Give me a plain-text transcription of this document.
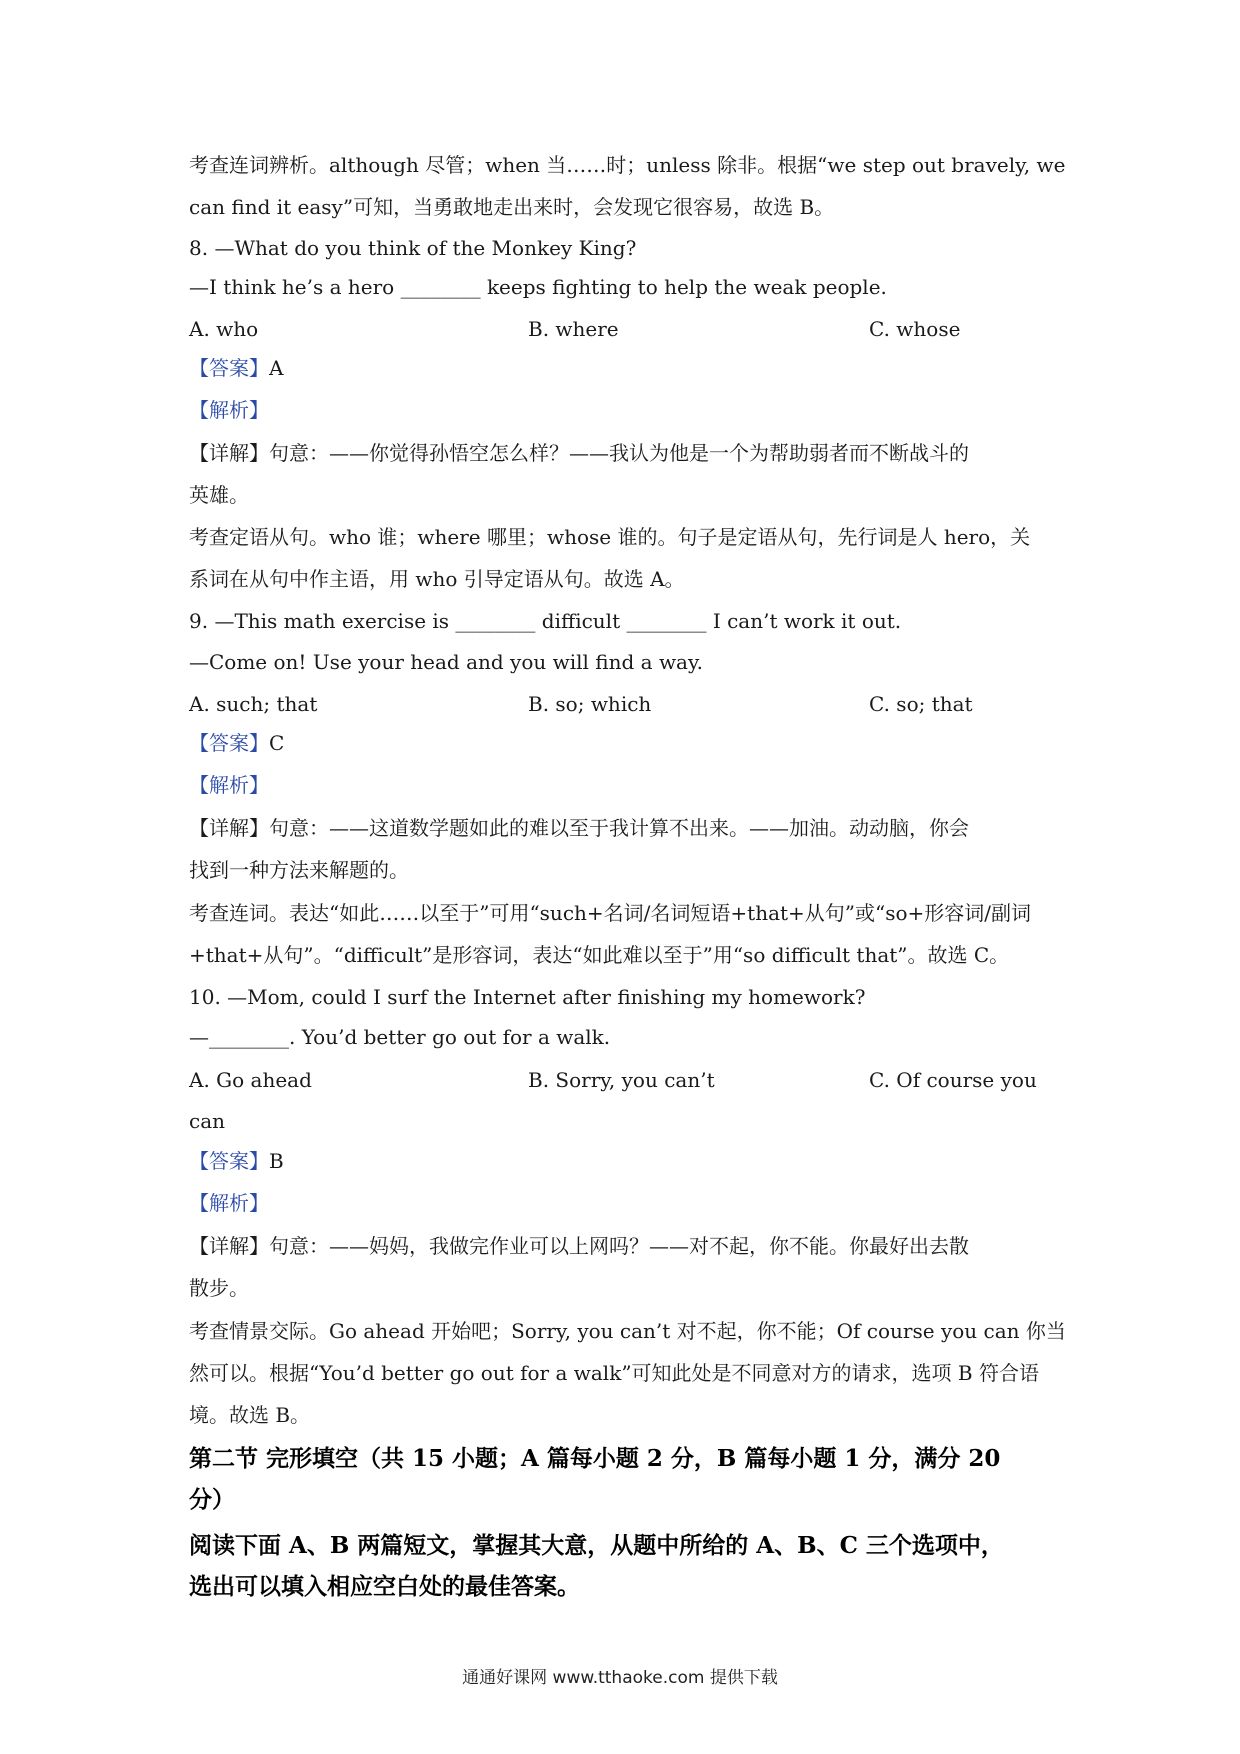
考查连词辨析。although 尽管；when 当……时；unless 除非。根据“we step out bravely, we
can find it easy”可知，当勇敢地走出来时，会发现它很容易，故选 B。
8. —What do you think of the Monkey King?
—I think he’s a hero ________ keeps fighting to help the weak people.
A. who	B. where	C. whose
【答案】A
【解析】
【详解】句意：——你觉得孙悟空怎么样？——我认为他是一个为帮助弱者而不断战斗的
英雄。
考查定语从句。who 谁；where 哪里；whose 谁的。句子是定语从句，先行词是人 hero，关
系词在从句中作主语，用 who 引导定语从句。故选 A。
9. —This math exercise is ________ difficult ________ I can’t work it out.
—Come on! Use your head and you will find a way.
A. such; that	B. so; which	C. so; that
【答案】C
【解析】
【详解】句意：——这道数学题如此的难以至于我计算不出来。——加油。动动脑，你会
找到一种方法来解题的。
考查连词。表达“如此……以至于”可用“such+名词/名词短语+that+从句”或“so+形容词/副词
+that+从句”。“difficult”是形容词，表达“如此难以至于”用“so difficult that”。故选 C。
10. —Mom, could I surf the Internet after finishing my homework?
—________. You’d better go out for a walk.
A. Go ahead	B. Sorry, you can’t	C. Of course you
can
【答案】B
【解析】
【详解】句意：——妈妈，我做完作业可以上网吗？——对不起，你不能。你最好出去散
散步。
考查情景交际。Go ahead 开始吧；Sorry, you can’t 对不起，你不能；Of course you can 你当
然可以。根据“You’d better go out for a walk”可知此处是不同意对方的请求，选项 B 符合语
境。故选 B。
第二节 完形填空（共 15 小题；A 篇每小题 2 分，B 篇每小题 1 分，满分 20
分）
阅读下面 A、B 两篇短文，掌握其大意，从题中所给的 A、B、C 三个选项中，
选出可以填入相应空白处的最佳答案。
通通好课网 www.tthaoke.com 提供下载
